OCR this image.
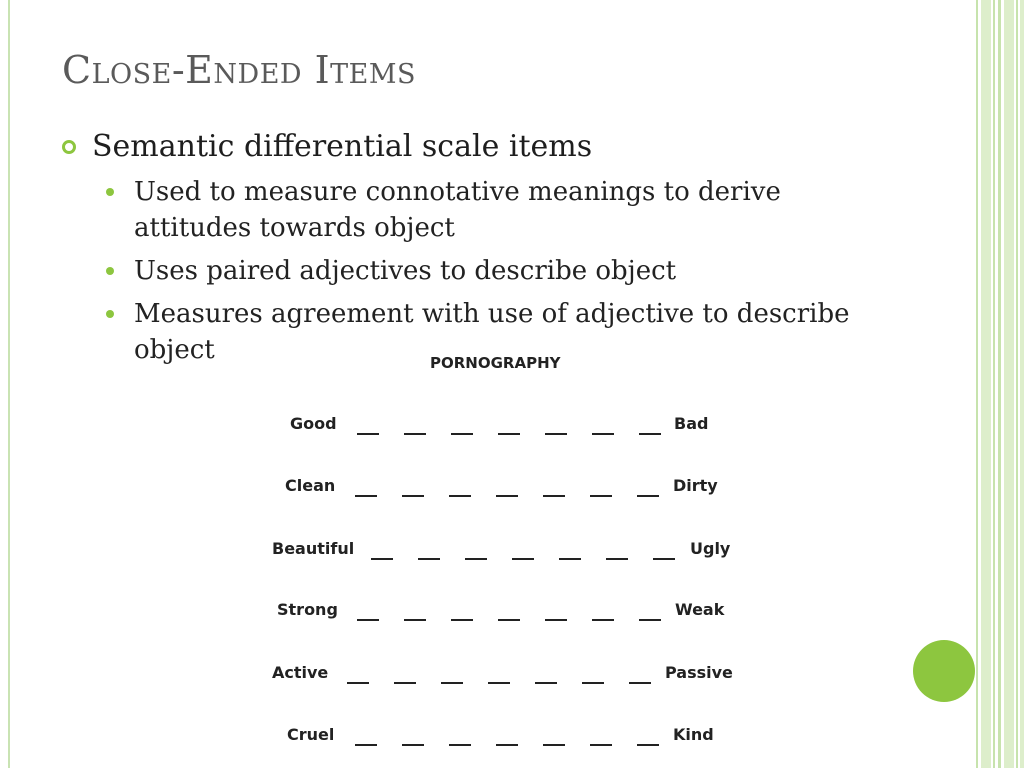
Close-Ended Items
Semantic differential scale items
Used to measure connotative meanings to derive attitudes towards object
Uses paired adjectives to describe object
Measures agreement with use of adjective to describe object	PORNOGRAPHY
Good	Bad
Clean	Dirty
Beautiful	Ugly
Strong	Weak
Active	Passive
Cruel	Kind
